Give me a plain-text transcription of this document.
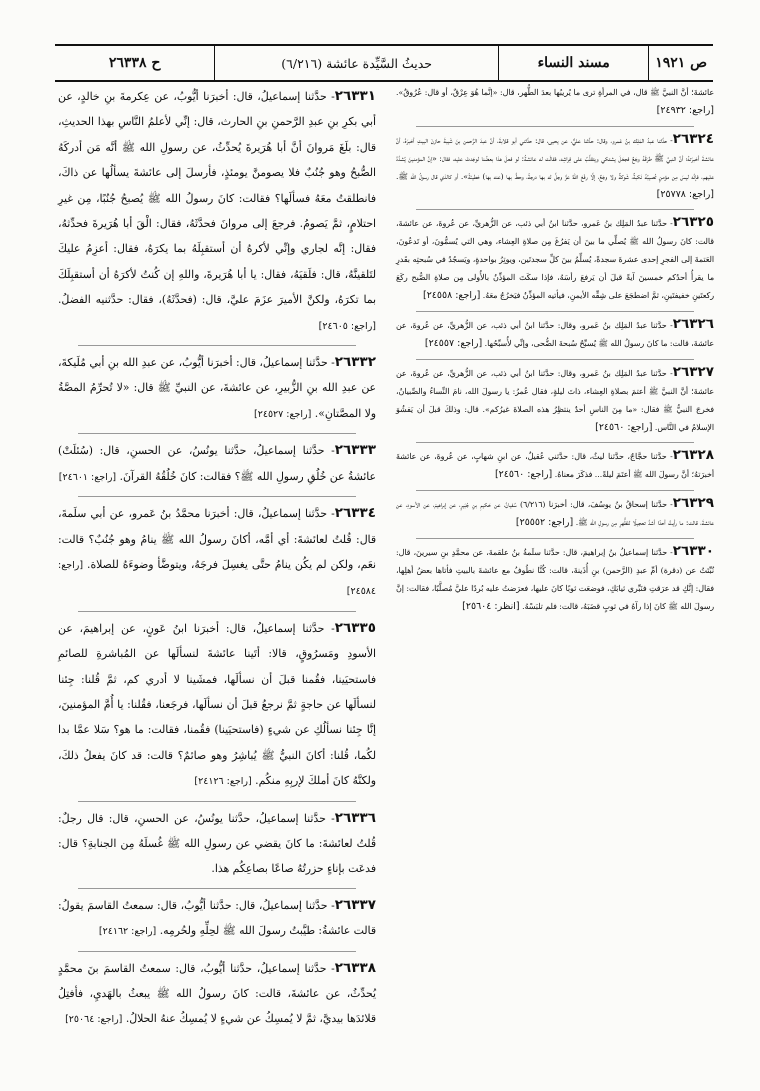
ص ١٩٢١
مسند النساء
حديثُ السَّيِّدة عائشة (٦/٢١٦)
ح ٢٦٣٣٨

عائشةَ؛ أنَّ النبيَّ ﷺ قال، في المرأةِ ترى ما يُريبُها بعدَ الطُّهر، قال: «إنَّما هُوَ عِرْقٌ، أو قال: عُرُوقٌ». [راجع: ٢٤٩٣٢]

٢٦٣٢٤- حدَّثنا عبدُ المَلِك بنُ عَمرو، وقال: حدَّثنا عليٌّ، عن يحيى، قال: حدَّثني أبو قلابةَ، أنَّ عبدَ الرَّحمن بنَ شَيبةَ حازنَ البيتِ أخبرَهُ، أنَّ عائشةَ أخبرَتهُ؛ أنَّ النبيَّ ﷺ طرَقَهُ وجَعٌ فجعَلَ يشتكي ويتقلَّبُ على فِراشِه، فقالَت له عائشةُ: لو فعلَ هذا بعضُنا لوجَدتَ عليه، فقال: «إنَّ المؤمنينَ يُشدَّدُ عليهم، فإنَّه ليسَ مِن مؤمنٍ تُصيبُهُ نَكبةٌ، شَوكةٌ ولا وجَعٌ، إلَّا رفَعَ اللهُ عزَّ وجلَّ له بها درجةً، وحطَّ بها (عنه بها) خطيئةً». أو كالذي قال رسولُ الله ﷺ. [راجع: ٢٥٧٧٨]

٢٦٣٢٥- حدَّثنا عبدُ المَلِك بنُ عَمرو، حدَّثنا ابنُ أبي ذئب، عن الزُّهريِّ، عن عُروةَ، عن عائشةَ، قالت: كانَ رسولُ الله ﷺ يُصلِّي ما بينَ أن يَفرُغَ مِن صلاةِ العِشاء، وهي التي يُسمُّونَ، أو تَدعُونَ، العَتمةَ إلى الفجرِ إحدى عشرةَ سجدةً، يُسلِّمُ بينَ كلِّ سجدتَين، ويوتِرُ بواحدةٍ، ويَسجُدُ في سُبحتِه بقَدرِ ما يقرأُ أحدُكم خمسينَ آيةً قبلَ أن يَرفعَ رأسَهُ، فإذا سكَتَ المؤذِّنُ بالأُولى مِن صلاةِ الصُّبح ركَعَ ركعتَينِ خفيفتَينِ، ثمَّ اضطجَعَ على شِقِّه الأيمنِ، فيأتيه المؤذِّنُ فيَخرُجُ معَهُ. [راجع: ٢٤٥٥٨]

٢٦٣٢٦- حدَّثنا عبدُ المَلِك بنُ عَمرو، وقال: حدَّثنا ابنُ أبي ذئب، عن الزُّهريِّ، عن عُروةَ، عن عائشةَ، قالت: ما كانَ رسولُ الله ﷺ يُسبِّحُ سُبحةَ الضُّحى، وإنِّي لأُسبِّحُها. [راجع: ٢٤٥٥٧]

٢٦٣٢٧- حدَّثنا عبدُ المَلِك بنُ عَمرو، وقال: حدَّثنا ابنُ أبي ذئب، عن الزُّهريِّ، عن عُروةَ، عن عائشةَ؛ أنَّ النبيَّ ﷺ أعتمَ بصلاةِ العِشاء، ذاتَ ليلةٍ، فقال عُمرُ: يا رسولَ الله، نامَ النِّساءُ والصِّبيانُ، فخرجَ النبيُّ ﷺ فقال: «ما مِنَ الناسِ أحدٌ ينتظِرُ هذه الصلاةَ غيرُكم». قال: وذلكَ قبلَ أن يَفشُوَ الإسلامُ في النَّاس. [راجع: ٢٤٥٦٠]

٢٦٣٢٨- حدَّثنا حجَّاجٌ، حدَّثنا ليثٌ، قال: حدَّثني عُقيلٌ، عن ابنِ شهابٍ، عن عُروةَ، عن عائشةَ أخبرَتهُ؛ أنَّ رسولَ الله ﷺ أعتَمَ ليلةً... فذكَرَ معناهُ. [راجع: ٢٤٥٦٠]

٢٦٣٢٩- حدَّثنا إسحاقُ بنُ يوسُفَ، قال: أخبرَنا (٦/٢١٦) سُفيانُ، عن حَكيمِ بنِ جُبَيرٍ، عن إبراهيمَ، عن الأسودِ، عن عائشةَ، قالت: ما رأيتُ أحدًا أشدَّ تعجيلًا للظُّهرِ مِن رسولِ الله ﷺ. [راجع: ٢٥٥٥٢]

٢٦٣٣٠- حدَّثنا إسماعيلُ بنُ إبراهيمَ، قال: حدَّثنا سلَمةُ بنُ علقمةَ، عن محمَّدِ بنِ سيرينَ، قال: نُبِّئتُ عن (دقرة) أمِّ عبدِ (الرَّحمن) بنِ أُذَينةَ، قالت: كُنَّا نطُوفُ مع عائشةَ بالبيتِ فأتاها بعضُ أهلِها، فقال: إنَّكِ قد عرَقتِ فنَبِّري ثيابَكِ، فوضعَت ثوبًا كانَ عليها، فعرَضتُ عليه بُردًا عليَّ مُصلَّبًا، فقالت: إنَّ رسولَ الله ﷺ كانَ إذا رآهُ في ثوبٍ قضَبَهُ، قالت: فلم تلبَسْهُ. [انظر: ٢٥٦٠٤]

٢٦٣٣١- حدَّثنا إسماعيلُ، قال: أخبرَنا أيُّوبُ، عن عِكرمةَ بنِ خالدٍ، عن أبي بكرِ بنِ عبدِ الرَّحمنِ بنِ الحارث، قال: إنِّي لأعلمُ النَّاسِ بهذا الحديثِ، قال: بلَغَ مَروانَ أنَّ أبا هُرَيرةَ يُحدِّثُ، عن رسولِ الله ﷺ أنَّه مَن أدركَهُ الصُّبحُ وهو جُنُبٌ فلا يصومنَّ يومئذٍ، فأرسلَ إلى عائشةَ يسألُها عن ذاكَ، فانطلقتُ معَهُ فسألَها؟ فقالت: كانَ رسولُ الله ﷺ يُصبحُ جُنُبًا، مِن غيرِ احتلامٍ، ثمَّ يَصومُ. فرجعَ إلى مروانَ فحدَّثَهُ، فقال: الْقَ أبا هُرَيرةَ فحدِّثهُ، فقال: إنَّه لجاري وإنِّي لأكرهُ أن أستقبِلَهُ بما يكرَهُ، فقال: أعزِمُ عليكَ لتَلقينَّهُ، قال: فلَقيَهُ، فقال: يا أبا هُرَيرةَ، واللهِ إن كُنتُ لأكرَهُ أن أستقبِلَكَ بما تكرَهُ، ولكنَّ الأميرَ عزَمَ عليَّ، قال: (فحدَّثَهُ)، فقال: حدَّثنيه الفضلُ. [راجع: ٢٤٦٠٥]

٢٦٣٣٢- حدَّثنا إسماعيلُ، قال: أخبرَنا أيُّوبُ، عن عبدِ الله بنِ أبي مُلَيكةَ، عن عبدِ الله بنِ الزُّبيرِ، عن عائشةَ، عن النبيِّ ﷺ قال: «لا تُحرِّمُ المصَّةُ ولا المصَّتانِ». [راجع: ٢٤٥٢٧]

٢٦٣٣٣- حدَّثنا إسماعيلُ، حدَّثنا يونُسُ، عن الحسنِ، قال: (سُئلَتْ) عائشةُ عن خُلُقِ رسولِ الله ﷺ؟ فقالت: كانَ خُلُقُهُ القرآنَ. [راجع: ٢٤٦٠١]

٢٦٣٣٤- حدَّثنا إسماعيلُ، قال: أخبرَنا محمَّدُ بنُ عَمرو، عن أبي سلَمةَ، قال: قُلتُ لعائشةَ: أي أمَّه، أكانَ رسولُ الله ﷺ ينامُ وهو جُنُبٌ؟ قالت: نعَم، ولكن لم يكُن ينامُ حتَّى يغسِلَ فرجَهُ، ويتوضَّأ وضوءَهُ للصلاة. [راجع: ٢٤٥٨٤]

٢٦٣٣٥- حدَّثنا إسماعيلُ، قال: أخبرَنا ابنُ عَونٍ، عن إبراهيمَ، عن الأسودِ ومَسرُوقٍ، قالا: أتَينا عائشةَ لنسألَها عن المُباشرةِ للصائمِ فاستحيَينا، فقُمنا قبلَ أن نسألَها، فمشَينا لا أدري كم، ثمَّ قُلنا: جِئنا لنسألَها عن حاجةٍ ثمَّ نرجعُ قبلَ أن نسألَها، فرجَعنا، فقُلنا: يا أُمَّ المؤمنينَ، إنَّا جِئنا نسألُكِ عن شيءٍ (فاستحيَينا) فقُمنا، فقالت: ما هو؟ سَلا عمَّا بدا لكُما، قُلنا: أكانَ النبيُّ ﷺ يُباشِرُ وهو صائمٌ؟ قالت: قد كانَ يفعلُ ذلكَ، ولكنَّهُ كانَ أملكَ لإربِهِ منكُم. [راجع: ٢٤١٢٦]

٢٦٣٣٦- حدَّثنا إسماعيلُ، حدَّثنا يونُسُ، عن الحسنِ، قال: قال رجلٌ: قُلتُ لعائشةَ: ما كانَ يقضي عن رسولِ الله ﷺ غُسلَهُ مِن الجنابةِ؟ قال: فدعَت بإناءٍ حزرتُهُ صاعًا بصاعِكُم هذا.

٢٦٣٣٧- حدَّثنا إسماعيلُ، قال: حدَّثنا أيُّوبُ، قال: سمعتُ القاسمَ يقولُ: قالت عائشةُ: طيَّبتُ رسولَ الله ﷺ لحِلِّهِ ولحُرمِه. [راجع: ٢٤١٦٢]

٢٦٣٣٨- حدَّثنا إسماعيلُ، حدَّثنا أيُّوبُ، قال: سمعتُ القاسمَ بنَ محمَّدٍ يُحدِّثُ، عن عائشةَ، قالت: كانَ رسولُ الله ﷺ يبعثُ بالهَديِ، فأفتِلُ قلائدَها بيديَّ، ثمَّ لا يُمسِكُ عن شيءٍ لا يُمسِكُ عنهُ الحلالُ. [راجع: ٢٥٠٦٤]
